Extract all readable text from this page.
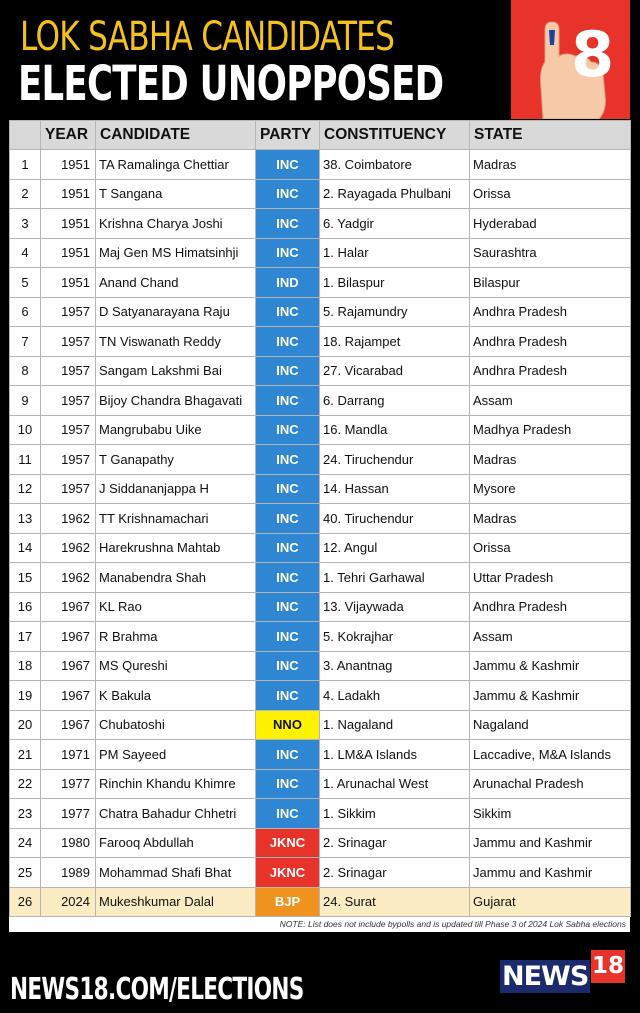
LOK SABHA CANDIDATES
ELECTED UNOPPOSED 8
	YEAR	CANDIDATE	PARTY	CONSTITUENCY	STATE
1	1951	TA Ramalinga Chettiar	INC	38. Coimbatore	Madras
2	1951	T Sangana	INC	2. Rayagada Phulbani	Orissa
3	1951	Krishna Charya Joshi	INC	6. Yadgir	Hyderabad
4	1951	Maj Gen MS Himatsinhji	INC	1. Halar	Saurashtra
5	1951	Anand Chand	IND	1. Bilaspur	Bilaspur
6	1957	D Satyanarayana Raju	INC	5. Rajamundry	Andhra Pradesh
7	1957	TN Viswanath Reddy	INC	18. Rajampet	Andhra Pradesh
8	1957	Sangam Lakshmi Bai	INC	27. Vicarabad	Andhra Pradesh
9	1957	Bijoy Chandra Bhagavati	INC	6. Darrang	Assam
10	1957	Mangrubabu Uike	INC	16. Mandla	Madhya Pradesh
11	1957	T Ganapathy	INC	24. Tiruchendur	Madras
12	1957	J Siddananjappa H	INC	14. Hassan	Mysore
13	1962	TT Krishnamachari	INC	40. Tiruchendur	Madras
14	1962	Harekrushna Mahtab	INC	12. Angul	Orissa
15	1962	Manabendra Shah	INC	1. Tehri Garhawal	Uttar Pradesh
16	1967	KL Rao	INC	13. Vijaywada	Andhra Pradesh
17	1967	R Brahma	INC	5. Kokrajhar	Assam
18	1967	MS Qureshi	INC	3. Anantnag	Jammu & Kashmir
19	1967	K Bakula	INC	4. Ladakh	Jammu & Kashmir
20	1967	Chubatoshi	NNO	1. Nagaland	Nagaland
21	1971	PM Sayeed	INC	1. LM&A Islands	Laccadive, M&A Islands
22	1977	Rinchin Khandu Khimre	INC	1. Arunachal West	Arunachal Pradesh
23	1977	Chatra Bahadur Chhetri	INC	1. Sikkim	Sikkim
24	1980	Farooq Abdullah	JKNC	2. Srinagar	Jammu and Kashmir
25	1989	Mohammad Shafi Bhat	JKNC	2. Srinagar	Jammu and Kashmir
26	2024	Mukeshkumar Dalal	BJP	24. Surat	Gujarat
NOTE: List does not include bypolls and is updated till Phase 3 of 2024 Lok Sabha elections
NEWS18.COM/ELECTIONS	NEWS 18
